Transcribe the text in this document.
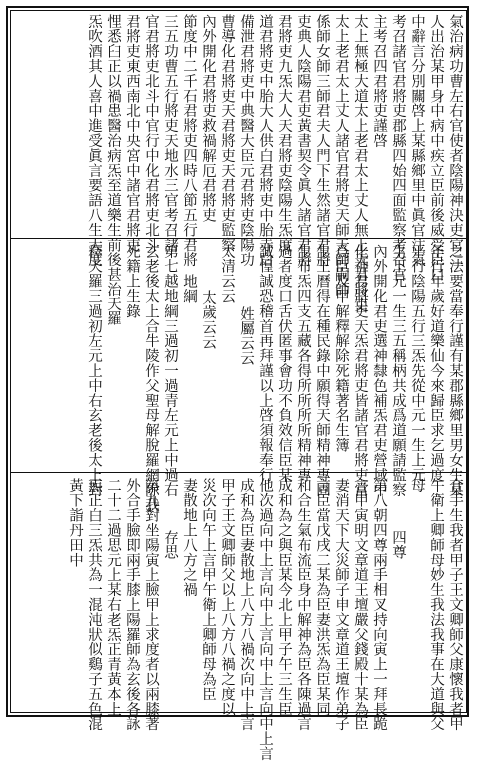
氣治病功曹左右官使者陰陽神決吏官二
人出治某甲身中病中疾立臣前後威受臣口
中辭言分別關啓上某縣鄉里中眞官注氣
考召諸官君將吏郡縣四始四面監察考召官
主考召四君將吏謹啓
太上無極大道太上老君太上丈人無上天君將吏
太上老君太上丈人諸官君將吏天師天師嗣師
係師女師三師君夫人門下生然諸官君將
吏典人陰陽君吏黃書契令眞人諸官君將
君將吏九炁大人天君將吏陰陽生炁度
道君將吏中胎大人供白君將吏中胎赤白
備泄君將吏中典醫大臣元君將吏陰陽功
曹導化君將吏天君將吏天君將吏監察
內外開化君將吏救禍解厄君將吏
節度中二千石君將吏四時八節五行君將
三五功曹五行將吏天地水三官考召諸
官君將吏北斗中官行中化君將吏北斗
君將吏東西南北中央宮中諸官君將吏
悝悉臼正以禍患醫治病炁至道樂生前後甚治
炁吹酒其人喜中進受眞言要語八生大度
之法要當奉行謹有某郡縣鄉里男女生某
年行年歲好道樂仙今來歸臣求乞過度
平行陰陽五行三炁先從中元一生上元
生下元一生三五稱柄共成爲道願請監察
內外開化君吏選神隸色補炁君吏營域中
化神君將吏天炁君將吏皆諸官君將吏當
爲臣及甲解釋解除死籍著名生簿
生王曆得在種民錄中願得天師精神專固
生布炁四支五藏各得所所所所精神專
過者度口舌伏匿事會功不負效信臣某
誠惶誠恐稽首再拜謹以上啓須報奉行
姓屬云云
太清云云
太歲云云
地綱
第七越地綱三過初一過青左元上中過右
玄老後太上合牛陵作父聖母解脫羅網除我
死籍上生錄
天羅
釋天羅三過初左元上中右玄老後太上對
合手生我者甲子王文卿師父康懷我者甲
午衛上卿師母妙生我法我事在大道與父
母
四尊
第八朝四尊兩手相叉持向寅上一拜長跪
言甲寅明文章道王壇嚴父錢殿十某為臣
妻消天下大災師子申文章道王壇作弟子
言臣當戊戌二某為臣妻洪炁為臣某同
和合生氣布流臣身中解神為臣各陳過言
成和為之與臣某今北上甲子午三生臣
他次過向中上言向中上言向中上言向中上言
成和為臣妻散地上八方八禍次向中上言
甲子王文卿師父以上八方八禍之度以
災次向午上言甲午衛上卿師母為臣
妻散地上八方之禍
存思
第九對坐陽寅上臉甲上求度者以兩膝著
外合手臉即兩手膝上陽羅師為玄後各詠
二十二過思元上某右老炁正青黃本上
炁正白三炁共為一混沌狀似鷄子五色混
黃下詣丹田中
